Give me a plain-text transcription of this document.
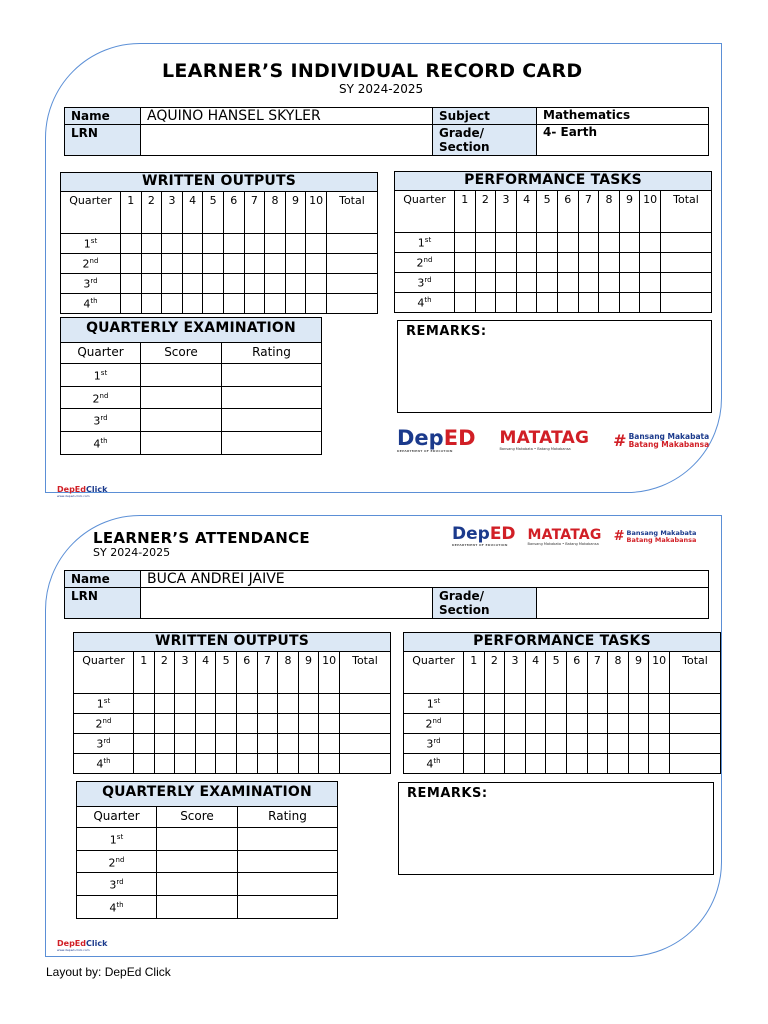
LEARNER’S INDIVIDUAL RECORD CARD
SY 2024-2025
Name	AQUINO HANSEL SKYLER	Subject	Mathematics
LRN		Grade/ Section	4- Earth
WRITTEN OUTPUTS											
Quarter	1	2	3	4	5	6	7	8	9	10	Total
1st											
2nd											
3rd											
4th											
PERFORMANCE TASKS											
Quarter	1	2	3	4	5	6	7	8	9	10	Total
1st											
2nd											
3rd											
4th											
QUARTERLY EXAMINATION		
Quarter	Score	Rating
1st		
2nd		
3rd		
4th		
REMARKS:
DepEdClick
www.deped-click.com
LEARNER’S ATTENDANCE
SY 2024-2025
Name	BUCA ANDREI JAIVE		
LRN		Grade/ Section	
WRITTEN OUTPUTS											
Quarter	1	2	3	4	5	6	7	8	9	10	Total
1st											
2nd											
3rd											
4th											
PERFORMANCE TASKS											
Quarter	1	2	3	4	5	6	7	8	9	10	Total
1st											
2nd											
3rd											
4th											
QUARTERLY EXAMINATION		
Quarter	Score	Rating
1st		
2nd		
3rd		
4th		
REMARKS:
DepEdClick
www.deped-click.com
Layout by: DepEd Click
DepED
DEPARTMENT OF EDUCATION
MATATAG
Bansang Makabata • Batang Makabansa	# Bansang Makabata
Batang Makabansa
DepED
DEPARTMENT OF EDUCATION
MATATAG
Bansang Makabata • Batang Makabansa # Bansang Makabata
Batang Makabansa
